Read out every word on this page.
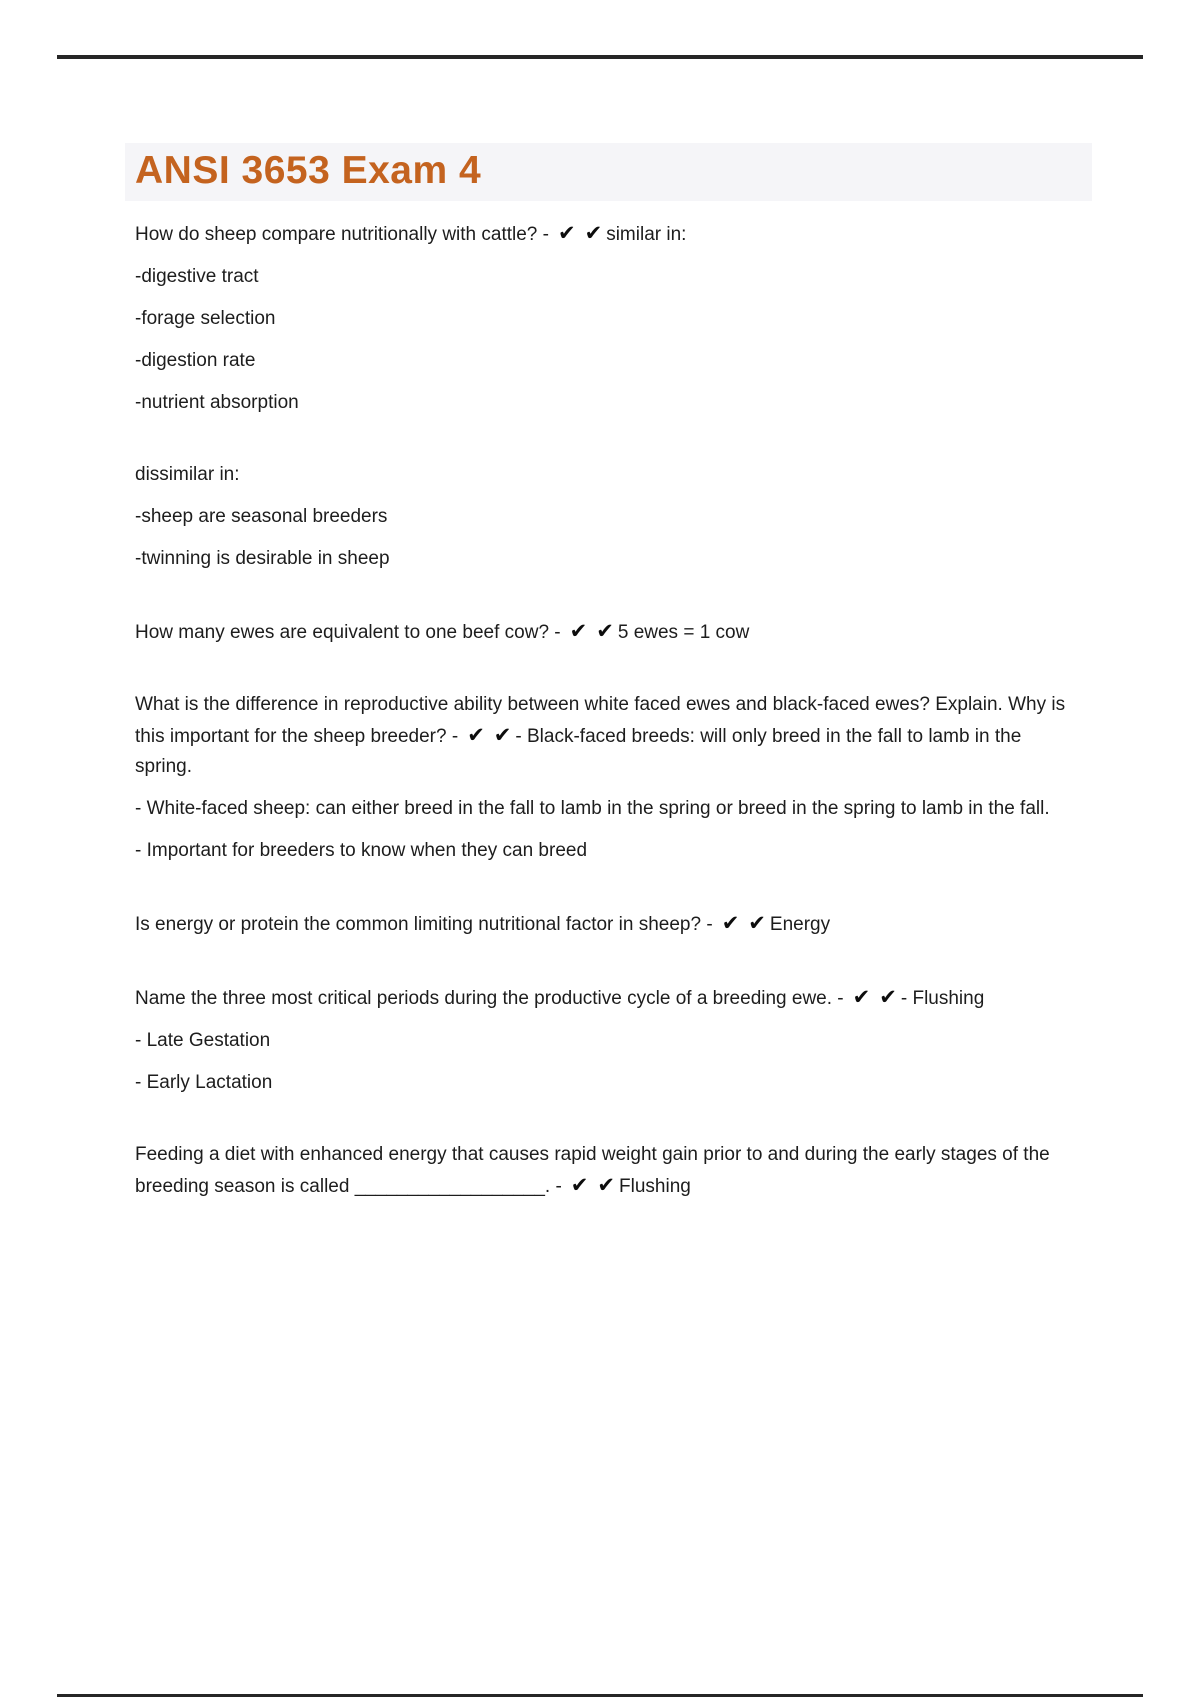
ANSI 3653 Exam 4

How do sheep compare nutritionally with cattle? - ✔ ✔ similar in:

-digestive tract

-forage selection

-digestion rate

-nutrient absorption

dissimilar in:

-sheep are seasonal breeders

-twinning is desirable in sheep

How many ewes are equivalent to one beef cow? - ✔ ✔ 5 ewes = 1 cow

What is the difference in reproductive ability between white faced ewes and black-faced ewes? Explain. Why is this important for the sheep breeder? - ✔ ✔ - Black-faced breeds: will only breed in the fall to lamb in the spring.

- White-faced sheep: can either breed in the fall to lamb in the spring or breed in the spring to lamb in the fall.

- Important for breeders to know when they can breed

Is energy or protein the common limiting nutritional factor in sheep? - ✔ ✔ Energy

Name the three most critical periods during the productive cycle of a breeding ewe. - ✔ ✔ - Flushing

- Late Gestation

- Early Lactation

Feeding a diet with enhanced energy that causes rapid weight gain prior to and during the early stages of the breeding season is called __________________. - ✔ ✔ Flushing
